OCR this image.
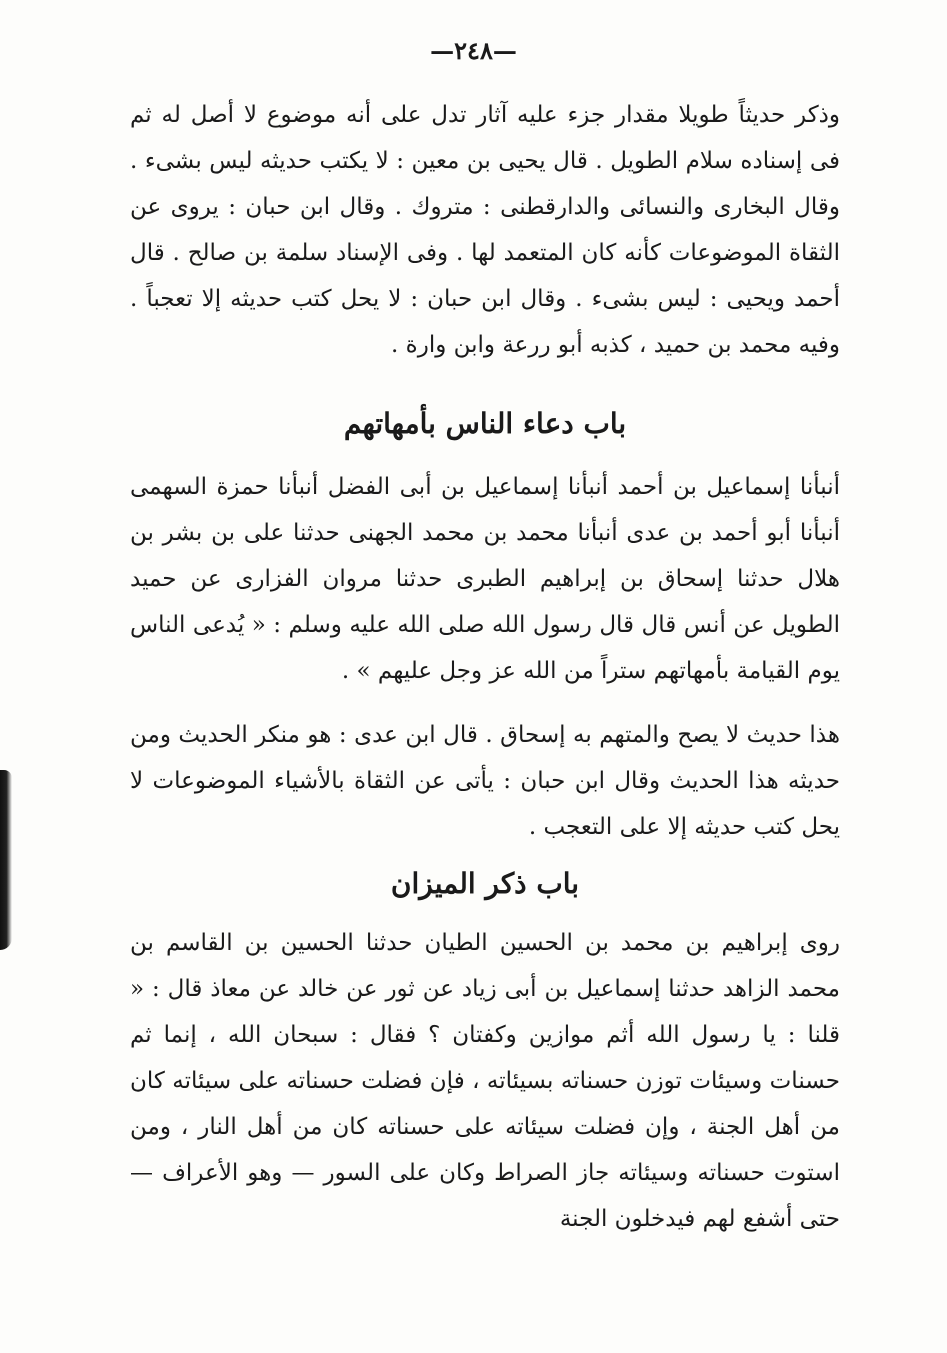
—٢٤٨—

وذكر حديثاً طويلا مقدار جزء عليه آثار تدل على أنه موضوع لا أصل له ثم فى إسناده سلام الطويل . قال يحيى بن معين : لا يكتب حديثه ليس بشىء . وقال البخارى والنسائى والدارقطنى : متروك . وقال ابن حبان : يروى عن الثقاة الموضوعات كأنه كان المتعمد لها . وفى الإسناد سلمة بن صالح . قال أحمد ويحيى : ليس بشىء . وقال ابن حبان : لا يحل كتب حديثه إلا تعجباً . وفيه محمد بن حميد ، كذبه أبو ررعة وابن وارة .

باب دعاء الناس بأمهاتهم

أنبأنا إسماعيل بن أحمد أنبأنا إسماعيل بن أبى الفضل أنبأنا حمزة السهمى أنبأنا أبو أحمد بن عدى أنبأنا محمد بن محمد الجهنى حدثنا على بن بشر بن هلال حدثنا إسحاق بن إبراهيم الطبرى حدثنا مروان الفزارى عن حميد الطويل عن أنس قال قال رسول الله صلى الله عليه وسلم : « يُدعى الناس يوم القيامة بأمهاتهم ستراً من الله عز وجل عليهم » .

هذا حديث لا يصح والمتهم به إسحاق . قال ابن عدى : هو منكر الحديث ومن حديثه هذا الحديث وقال ابن حبان : يأتى عن الثقاة بالأشياء الموضوعات لا يحل كتب حديثه إلا على التعجب .

باب ذكر الميزان

روى إبراهيم بن محمد بن الحسين الطيان حدثنا الحسين بن القاسم بن محمد الزاهد حدثنا إسماعيل بن أبى زياد عن ثور عن خالد عن معاذ قال : « قلنا : يا رسول الله أثم موازين وكفتان ؟ فقال : سبحان الله ، إنما ثم حسنات وسيئات توزن حسناته بسيئاته ، فإن فضلت حسناته على سيئاته كان من أهل الجنة ، وإن فضلت سيئاته على حسناته كان من أهل النار ، ومن استوت حسناته وسيئاته جاز الصراط وكان على السور — وهو الأعراف — حتى أشفع لهم فيدخلون الجنة
